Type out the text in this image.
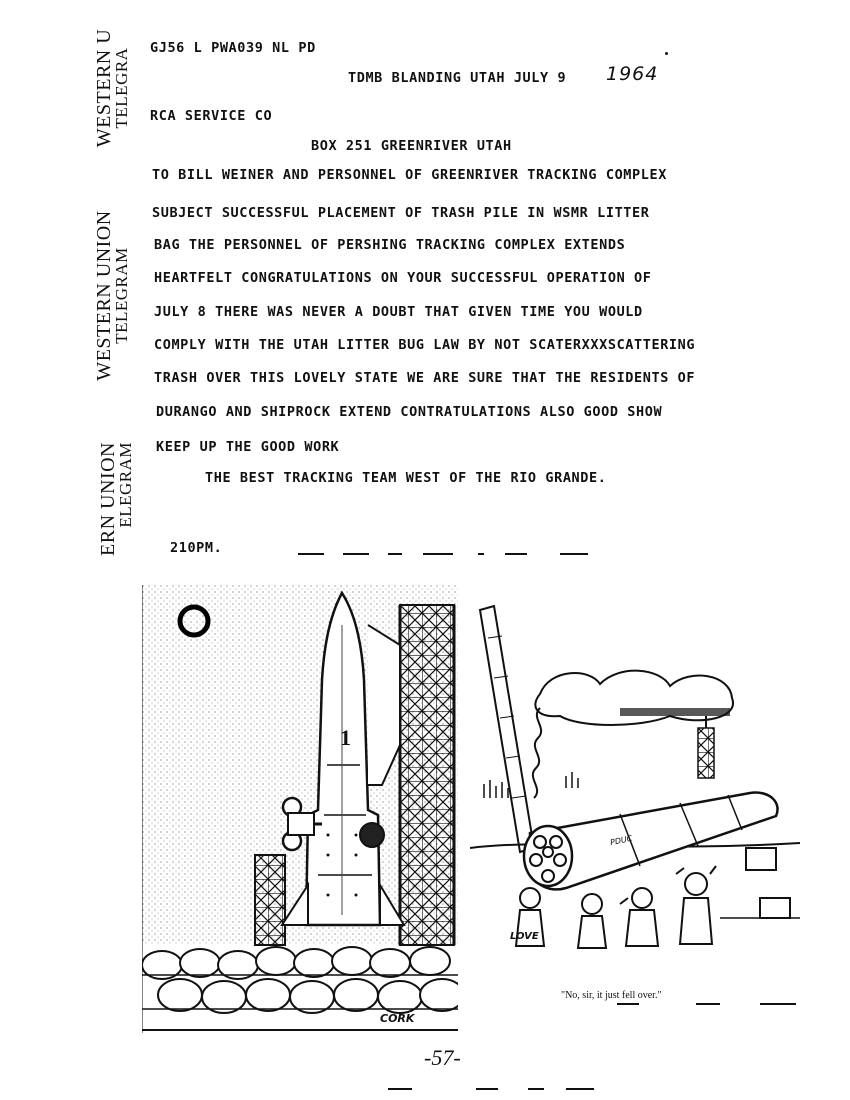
WESTERN U
TELEGRA
WESTERN UNION
TELEGRAM
ERN UNION
ELEGRAM
GJ56 L PWA039 NL PD
TDMB BLANDING UTAH JULY 9 1964
RCA SERVICE CO
BOX 251 GREENRIVER UTAH
TO BILL WEINER AND PERSONNEL OF GREENRIVER TRACKING COMPLEX
SUBJECT SUCCESSFUL PLACEMENT OF TRASH PILE IN WSMR LITTER
BAG THE PERSONNEL OF PERSHING TRACKING COMPLEX EXTENDS
HEARTFELT CONGRATULATIONS ON YOUR SUCCESSFUL OPERATION OF
JULY 8 THERE WAS NEVER A DOUBT THAT GIVEN TIME YOU WOULD
COMPLY WITH THE UTAH LITTER BUG LAW BY NOT SCATERXXXSCATTERING
TRASH OVER THIS LOVELY STATE WE ARE SURE THAT THE RESIDENTS OF
DURANGO AND SHIPROCK EXTEND CONTRATULATIONS ALSO GOOD SHOW
KEEP UP THE GOOD WORK
THE BEST TRACKING TEAM WEST OF THE RIO GRANDE.
210PM.
1
CORK
PDUC
LOVE
"No, sir, it just fell over."
-57-
